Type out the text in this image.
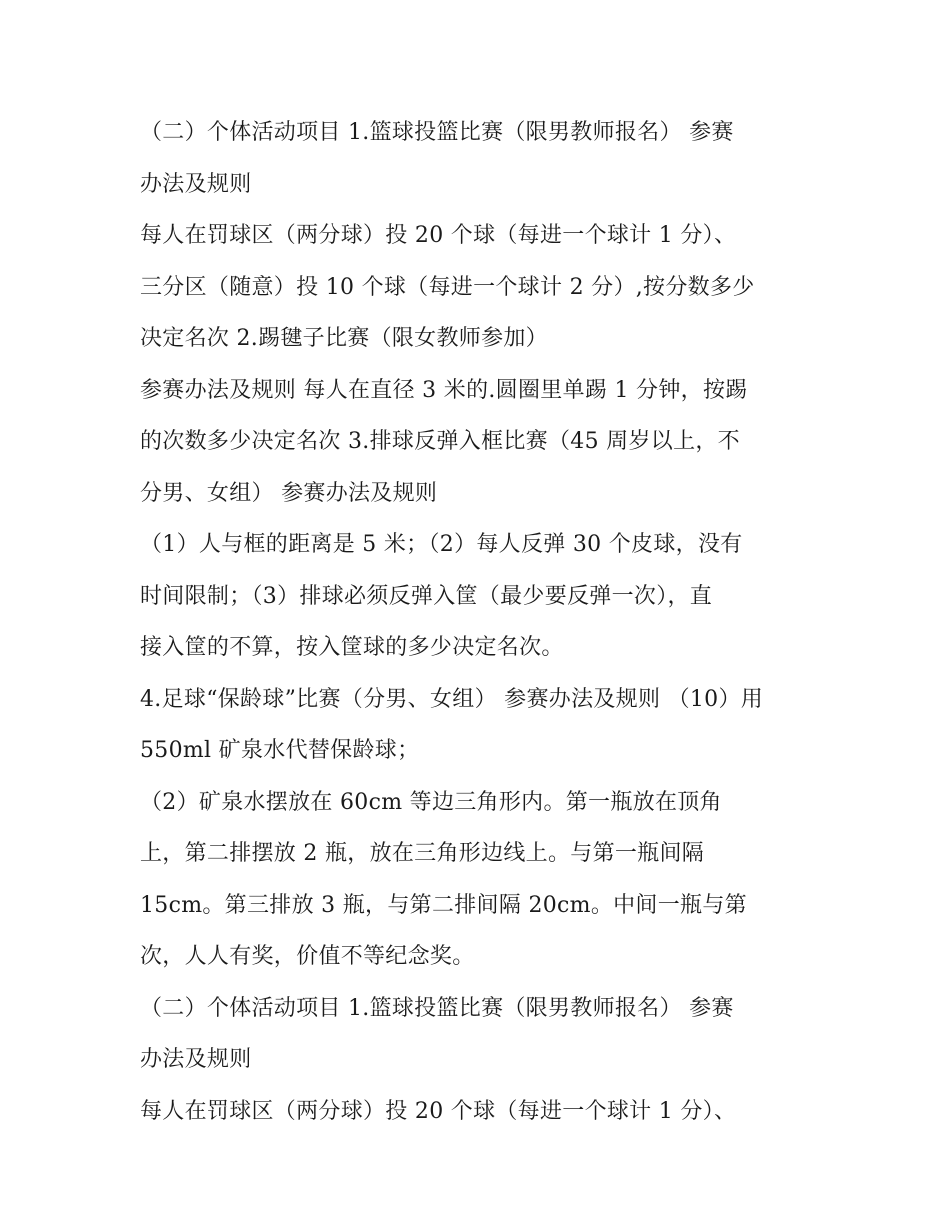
（二）个体活动项目 1.篮球投篮比赛（限男教师报名） 参赛
办法及规则
每人在罚球区（两分球）投 20 个球（每进一个球计 1 分）、
三分区（随意）投 10 个球（每进一个球计 2 分）,按分数多少
决定名次 2.踢毽子比赛（限女教师参加）
参赛办法及规则 每人在直径 3 米的.圆圈里单踢 1 分钟，按踢
的次数多少决定名次 3.排球反弹入框比赛（45 周岁以上，不
分男、女组） 参赛办法及规则
（1）人与框的距离是 5 米；（2）每人反弹 30 个皮球，没有
时间限制；（3）排球必须反弹入筐（最少要反弹一次），直
接入筐的不算，按入筐球的多少决定名次。
4.足球“保龄球”比赛（分男、女组） 参赛办法及规则 （10）用
550ml 矿泉水代替保龄球；
（2）矿泉水摆放在 60cm 等边三角形内。第一瓶放在顶角
上，第二排摆放 2 瓶，放在三角形边线上。与第一瓶间隔
15cm。第三排放 3 瓶，与第二排间隔 20cm。中间一瓶与第
次，人人有奖，价值不等纪念奖。
（二）个体活动项目 1.篮球投篮比赛（限男教师报名） 参赛
办法及规则
每人在罚球区（两分球）投 20 个球（每进一个球计 1 分）、
